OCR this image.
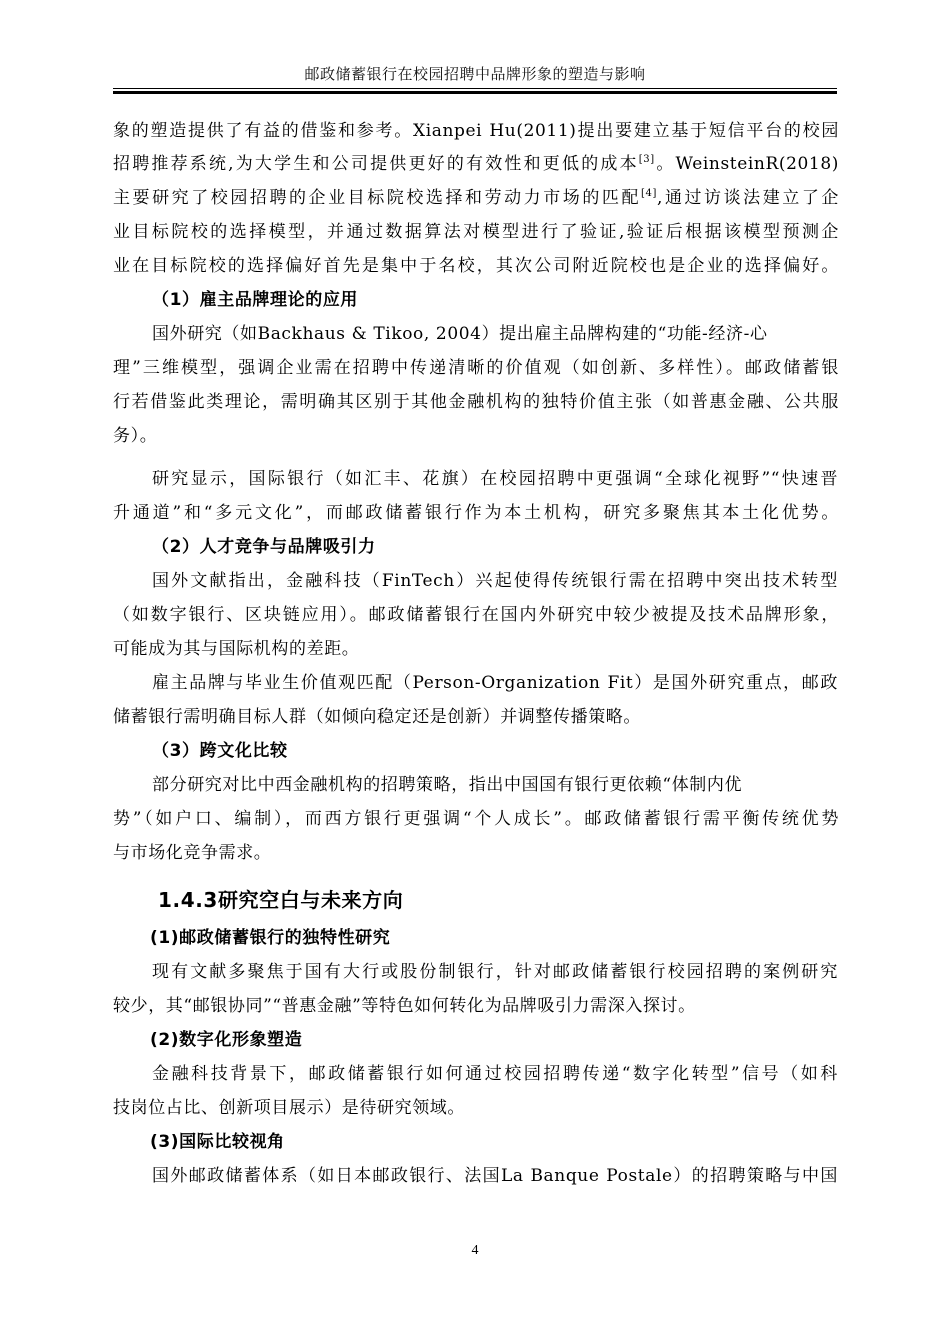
邮政储蓄银行在校园招聘中品牌形象的塑造与影响
象的塑造提供了有益的借鉴和参考。Xianpei Hu(2011)提出要建立基于短信平台的校园
招聘推荐系统,为大学生和公司提供更好的有效性和更低的成本[3]。WeinsteinR(2018)
主要研究了校园招聘的企业目标院校选择和劳动力市场的匹配[4],通过访谈法建立了企
业目标院校的选择模型，并通过数据算法对模型进行了验证,验证后根据该模型预测企
业在目标院校的选择偏好首先是集中于名校，其次公司附近院校也是企业的选择偏好。
（1）雇主品牌理论的应用
国外研究（如Backhaus & Tikoo, 2004）提出雇主品牌构建的“功能-经济-心
理”三维模型，强调企业需在招聘中传递清晰的价值观（如创新、多样性）。邮政储蓄银
行若借鉴此类理论，需明确其区别于其他金融机构的独特价值主张（如普惠金融、公共服
务）。
研究显示，国际银行（如汇丰、花旗）在校园招聘中更强调“全球化视野”“快速晋
升通道”和“多元文化”，而邮政储蓄银行作为本土机构，研究多聚焦其本土化优势。
（2）人才竞争与品牌吸引力
国外文献指出，金融科技（FinTech）兴起使得传统银行需在招聘中突出技术转型
（如数字银行、区块链应用）。邮政储蓄银行在国内外研究中较少被提及技术品牌形象，
可能成为其与国际机构的差距。
雇主品牌与毕业生价值观匹配（Person-Organization Fit）是国外研究重点，邮政
储蓄银行需明确目标人群（如倾向稳定还是创新）并调整传播策略。
（3）跨文化比较
部分研究对比中西金融机构的招聘策略，指出中国国有银行更依赖“体制内优
势”（如户口、编制），而西方银行更强调“个人成长”。邮政储蓄银行需平衡传统优势
与市场化竞争需求。
1.4.3研究空白与未来方向
(1)邮政储蓄银行的独特性研究
现有文献多聚焦于国有大行或股份制银行，针对邮政储蓄银行校园招聘的案例研究
较少，其“邮银协同”“普惠金融”等特色如何转化为品牌吸引力需深入探讨。
(2)数字化形象塑造
金融科技背景下，邮政储蓄银行如何通过校园招聘传递“数字化转型”信号（如科
技岗位占比、创新项目展示）是待研究领域。
(3)国际比较视角
国外邮政储蓄体系（如日本邮政银行、法国La Banque Postale）的招聘策略与中国
4
